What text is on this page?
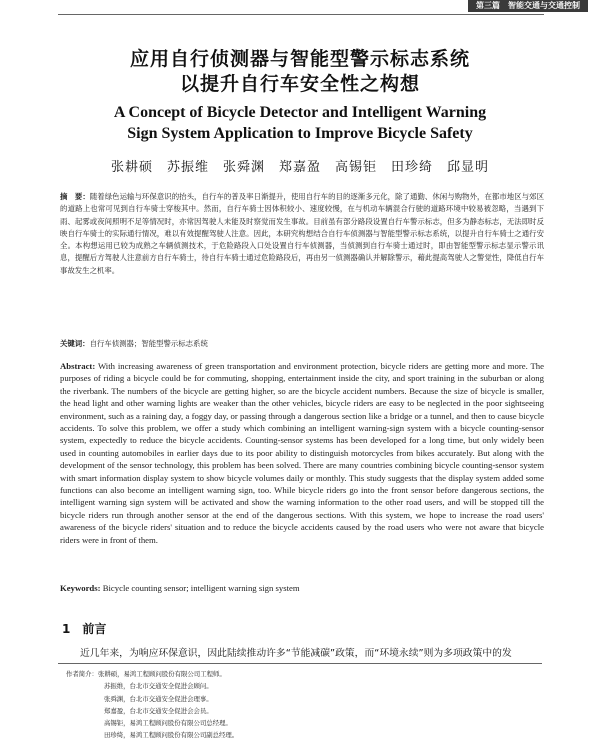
第三篇　智能交通与交通控制
应用自行侦测器与智能型警示标志系统
以提升自行车安全性之构想
A Concept of Bicycle Detector and Intelligent Warning
Sign System Application to Improve Bicycle Safety
张耕硕　苏振维　张舜渊　郑嘉盈　高锡钜　田珍绮　邱显明
摘　要：随着绿色运输与环保意识的抬头，自行车的普及率日渐提升，使用自行车的目的逐渐多元化，除了通勤、休闲与购物外，在都市地区与郊区的道路上也常可见到自行车骑士穿梭其中。然而，自行车骑士因体积较小、速度较慢，在与机动车辆混合行驶的道路环境中较易被忽略，当遇到下雨、起雾或夜间照明不足等情况时，亦常因驾驶人未能及时察觉而发生事故。目前虽有部分路段设置自行车警示标志，但多为静态标志，无法即时反映自行车骑士的实际通行情况，难以有效提醒驾驶人注意。因此，本研究构想结合自行车侦测器与智能型警示标志系统，以提升自行车骑士之通行安全。本构想运用已较为成熟之车辆侦测技术，于危险路段入口处设置自行车侦测器，当侦测到自行车骑士通过时，即由智能型警示标志显示警示讯息，提醒后方驾驶人注意前方自行车骑士，待自行车骑士通过危险路段后，再由另一侦测器确认并解除警示，藉此提高驾驶人之警觉性，降低自行车事故发生之机率。
关键词：自行车侦测器；智能型警示标志系统
Abstract: With increasing awareness of green transportation and environment protection, bicycle riders are getting more and more. The purposes of riding a bicycle could be for commuting, shopping, entertainment inside the city, and sport training in the suburban or along the riverbank. The numbers of the bicycle are getting higher, so are the bicycle accident numbers. Because the size of bicycle is smaller, the head light and other warning lights are weaker than the other vehicles, bicycle riders are easy to be neglected in the poor sightseeing environment, such as a raining day, a foggy day, or passing through a dangerous section like a bridge or a tunnel, and then to cause bicycle accidents. To solve this problem, we offer a study which combining an intelligent warning-sign system with a bicycle counting-sensor system, expectedly to reduce the bicycle accidents. Counting-sensor systems has been developed for a long time, but only widely been used in counting automobiles in earlier days due to its poor ability to distinguish motorcycles from bikes accurately. But along with the development of the sensor technology, this problem has been solved. There are many countries combining bicycle counting-sensor system with smart information display system to show bicycle volumes daily or monthly. This study suggests that the display system added some functions can also become an intelligent warning sign, too. While bicycle riders go into the front sensor before dangerous sections, the intelligent warning sign system will be activated and show the warning information to the other road users, and will be stopped till the bicycle riders run through another sensor at the end of the dangerous sections. With this system, we hope to increase the road users' awareness of the bicycle riders' situation and to reduce the bicycle accidents caused by the road users who were not aware that bicycle riders were in front of them.
Keywords: Bicycle counting sensor; intelligent warning sign system
1 前言
近几年来，为响应环保意识，因此陆续推动许多“节能减碳”政策，而“环境永续”则为多项政策中的发
作者简介：张耕硕，易鸿工程顾问股份有限公司工程师。
苏振维，台北市交通安全促进会顾问。
张舜渊，台北市交通安全促进会理事。
郑嘉盈，台北市交通安全促进会会员。
高锡钜，易鸿工程顾问股份有限公司总经理。
田珍绮，易鸿工程顾问股份有限公司副总经理。
